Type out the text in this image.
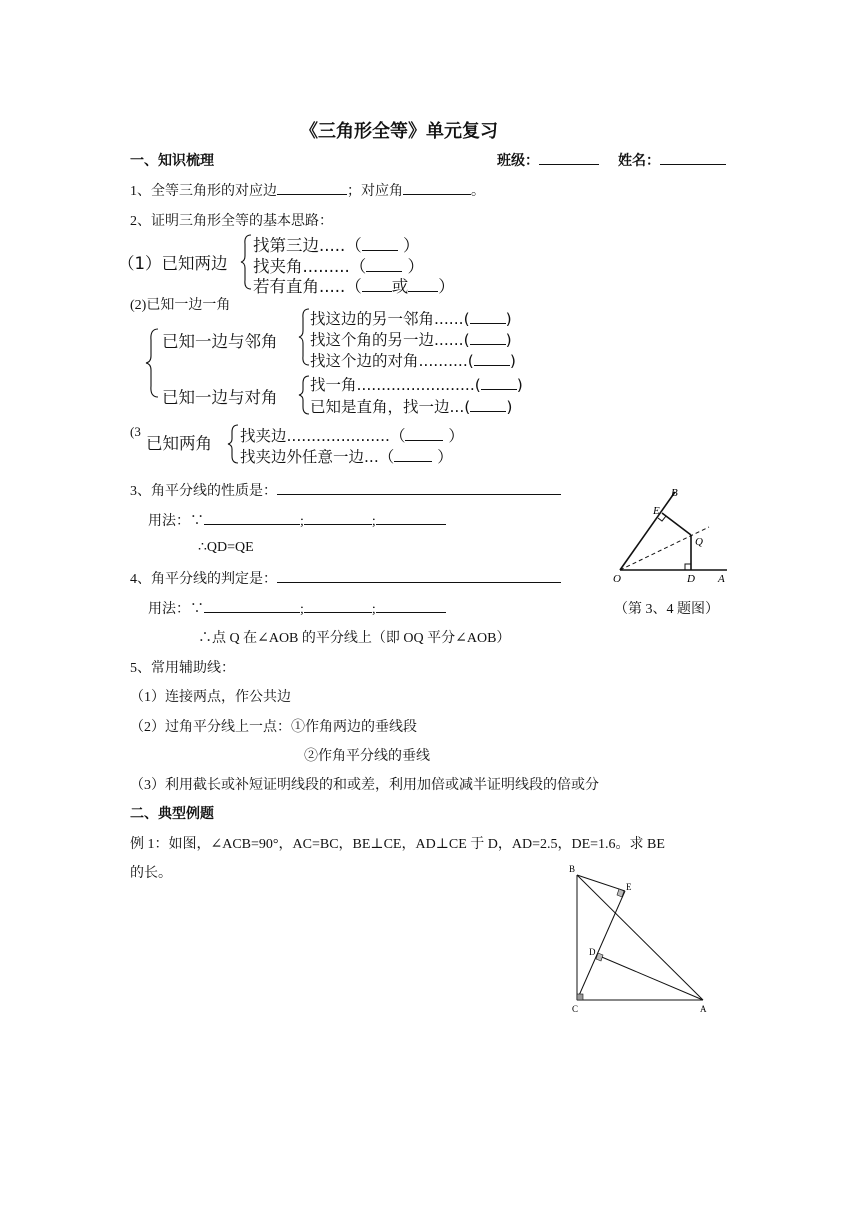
《三角形全等》单元复习
一、知识梳理	班级：	姓名：
1、全等三角形的对应边	；对应角	。
2、证明三角形全等的基本思路：
（1）已知两边
找第三边.....（	）
找夹角.........（	）
若有直角.....（ 或 ）
(2)已知一边一角
已知一边与邻角
找这边的另一邻角......( )
找这个角的另一边......( )
找这个边的对角..........( )
已知一边与对角
找一角........................( )
已知是直角，找一边...( )
(3
已知两角 找夹边.....................（	）
找夹边外任意一边...（	）
3、角平分线的性质是：
用法：∵	;	;
∴QD=QE
4、角平分线的判定是：
用法：∵	;	;
∴点 Q 在∠AOB 的平分线上（即 OQ 平分∠AOB）
B
E
Q
O	D A
（第 3、4 题图）
5、常用辅助线：
（1）连接两点，作公共边
（2）过角平分线上一点：①作角两边的垂线段
②作角平分线的垂线
（3）利用截长或补短证明线段的和或差，利用加倍或减半证明线段的倍或分
二、典型例题
例 1：如图，∠ACB=90°，AC=BC，BE⊥CE，AD⊥CE 于 D，AD=2.5，DE=1.6。求 BE
的长。	B
E
D
C	A
